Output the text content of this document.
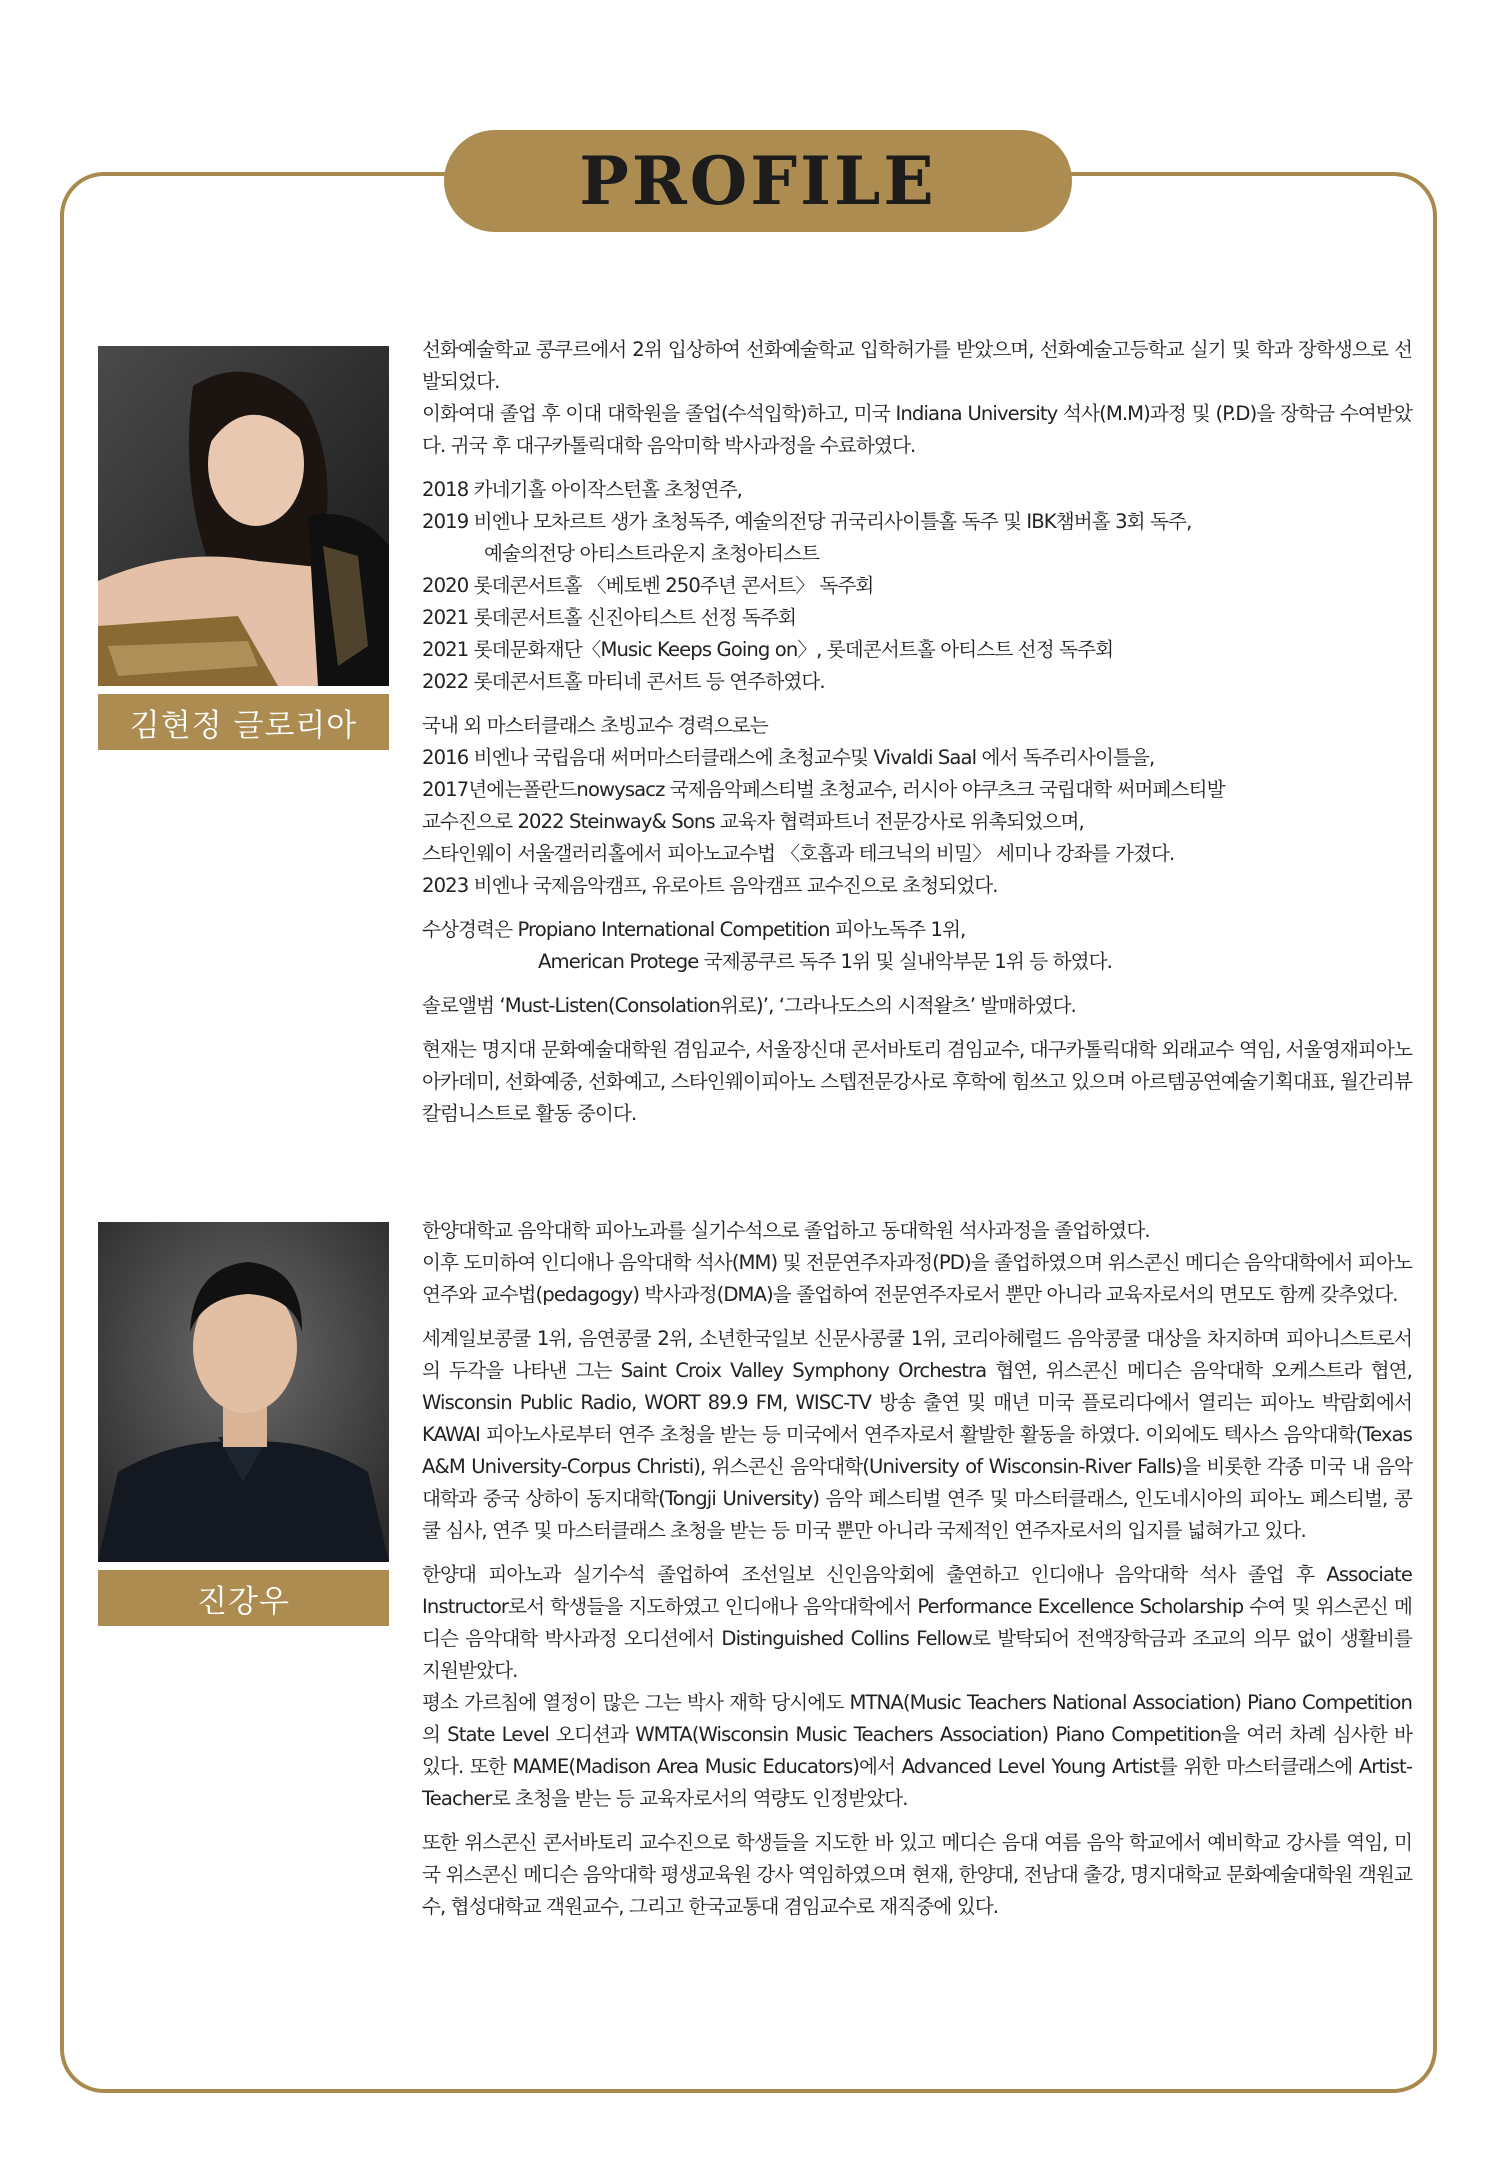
PROFILE
김현정 글로리아

선화예술학교 콩쿠르에서 2위 입상하여 선화예술학교 입학허가를 받았으며, 선화예술고등학교 실기 및 학과 장학생으로 선발되었다.
이화여대 졸업 후 이대 대학원을 졸업(수석입학)하고, 미국 Indiana University 석사(M.M)과정 및 (P.D)을 장학금 수여받았다. 귀국 후 대구카톨릭대학 음악미학 박사과정을 수료하였다.

2018 카네기홀 아이작스턴홀 초청연주,
2019 비엔나 모차르트 생가 초청독주, 예술의전당 귀국리사이틀홀 독주 및 IBK챔버홀 3회 독주,
예술의전당 아티스트라운지 초청아티스트
2020 롯데콘서트홀 〈베토벤 250주년 콘서트〉 독주회
2021 롯데콘서트홀 신진아티스트 선정 독주회
2021 롯데문화재단〈Music Keeps Going on〉, 롯데콘서트홀 아티스트 선정 독주회
2022 롯데콘서트홀 마티네 콘서트 등 연주하였다.

국내 외 마스터클래스 초빙교수 경력으로는
2016 비엔나 국립음대 써머마스터클래스에 초청교수및 Vivaldi Saal 에서 독주리사이틀을,
2017년에는폴란드nowysacz 국제음악페스티벌 초청교수, 러시아 야쿠츠크 국립대학 써머페스티발
교수진으로 2022 Steinway& Sons 교육자 협력파트너 전문강사로 위촉되었으며,
스타인웨이 서울갤러리홀에서 피아노교수법 〈호흡과 테크닉의 비밀〉 세미나 강좌를 가졌다.
2023 비엔나 국제음악캠프, 유로아트 음악캠프 교수진으로 초청되었다.

수상경력은 Propiano International Competition 피아노독주 1위,
American Protege 국제콩쿠르 독주 1위 및 실내악부문 1위 등 하였다.

솔로앨범 ‘Must-Listen(Consolation위로)’, ‘그라나도스의 시적왈츠’ 발매하였다.

현재는 명지대 문화예술대학원 겸임교수, 서울장신대 콘서바토리 겸임교수, 대구카톨릭대학 외래교수 역임, 서울영재피아노아카데미, 선화예중, 선화예고, 스타인웨이피아노 스텝전문강사로 후학에 힘쓰고 있으며 아르템공연예술기획대표, 월간리뷰 칼럼니스트로 활동 중이다.

진강우

한양대학교 음악대학 피아노과를 실기수석으로 졸업하고 동대학원 석사과정을 졸업하였다.
이후 도미하여 인디애나 음악대학 석사(MM) 및 전문연주자과정(PD)을 졸업하였으며 위스콘신 메디슨 음악대학에서 피아노 연주와 교수법(pedagogy) 박사과정(DMA)을 졸업하여 전문연주자로서 뿐만 아니라 교육자로서의 면모도 함께 갖추었다.

세계일보콩쿨 1위, 음연콩쿨 2위, 소년한국일보 신문사콩쿨 1위, 코리아헤럴드 음악콩쿨 대상을 차지하며 피아니스트로서의 두각을 나타낸 그는 Saint Croix Valley Symphony Orchestra 협연, 위스콘신 메디슨 음악대학 오케스트라 협연, Wisconsin Public Radio, WORT 89.9 FM, WISC-TV 방송 출연 및 매년 미국 플로리다에서 열리는 피아노 박람회에서 KAWAI 피아노사로부터 연주 초청을 받는 등 미국에서 연주자로서 활발한 활동을 하였다. 이외에도 텍사스 음악대학(Texas A&M University-Corpus Christi), 위스콘신 음악대학(University of Wisconsin-River Falls)을 비롯한 각종 미국 내 음악대학과 중국 상하이 동지대학(Tongji University) 음악 페스티벌 연주 및 마스터클래스, 인도네시아의 피아노 페스티벌, 콩쿨 심사, 연주 및 마스터클래스 초청을 받는 등 미국 뿐만 아니라 국제적인 연주자로서의 입지를 넓혀가고 있다.

한양대 피아노과 실기수석 졸업하여 조선일보 신인음악회에 출연하고 인디애나 음악대학 석사 졸업 후 Associate Instructor로서 학생들을 지도하였고 인디애나 음악대학에서 Performance Excellence Scholarship 수여 및 위스콘신 메디슨 음악대학 박사과정 오디션에서 Distinguished Collins Fellow로 발탁되어 전액장학금과 조교의 의무 없이 생활비를 지원받았다.
평소 가르침에 열정이 많은 그는 박사 재학 당시에도 MTNA(Music Teachers National Association) Piano Competition의 State Level 오디션과 WMTA(Wisconsin Music Teachers Association) Piano Competition을 여러 차례 심사한 바 있다. 또한 MAME(Madison Area Music Educators)에서 Advanced Level Young Artist를 위한 마스터클래스에 Artist-Teacher로 초청을 받는 등 교육자로서의 역량도 인정받았다.

또한 위스콘신 콘서바토리 교수진으로 학생들을 지도한 바 있고 메디슨 음대 여름 음악 학교에서 예비학교 강사를 역임, 미국 위스콘신 메디슨 음악대학 평생교육원 강사 역임하였으며 현재, 한양대, 전남대 출강, 명지대학교 문화예술대학원 객원교수, 협성대학교 객원교수, 그리고 한국교통대 겸임교수로 재직중에 있다.
